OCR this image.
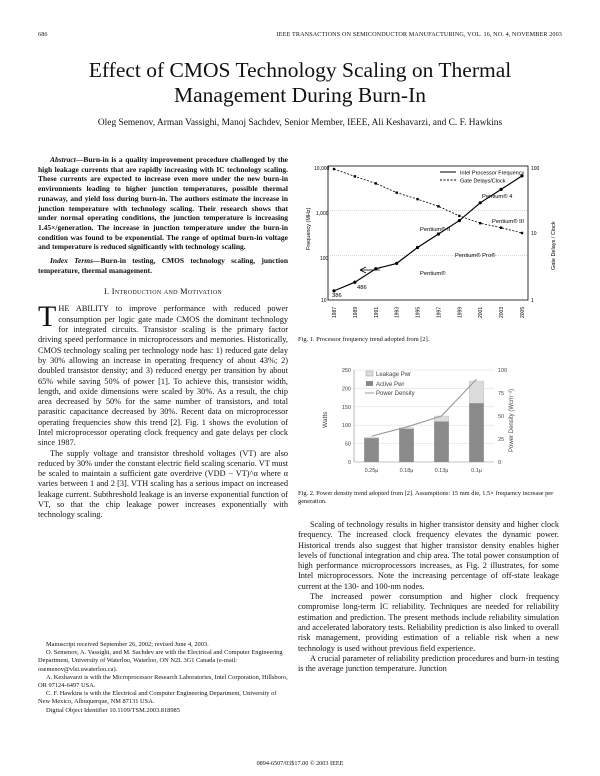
686	IEEE TRANSACTIONS ON SEMICONDUCTOR MANUFACTURING, VOL. 16, NO. 4, NOVEMBER 2003
Effect of CMOS Technology Scaling on Thermal
Management During Burn-In
Oleg Semenov, Arman Vassighi, Manoj Sachdev, Senior Member, IEEE, Ali Keshavarzi, and C. F. Hawkins
Abstract—Burn-in is a quality improvement procedure challenged by the high leakage currents that are rapidly increasing with IC technology scaling. These currents are expected to increase even more under the new burn-in environments leading to higher junction temperatures, possible thermal runaway, and yield loss during burn-in. The authors estimate the increase in junction temperature with technology scaling. Their research shows that under normal operating conditions, the junction temperature is increasing 1.45×/generation. The increase in junction temperature under the burn-in condition was found to be exponential. The range of optimal burn-in voltage and temperature is reduced significantly with technology scaling.
Index Terms—Burn-in testing, CMOS technology scaling, junction temperature, thermal management.
I. Introduction and Motivation

THE ABILITY to improve performance with reduced power consumption per logic gate made CMOS the dominant technology for integrated circuits. Transistor scaling is the primary factor driving speed performance in microprocessors and memories. Historically, CMOS technology scaling per technology node has: 1) reduced gate delay by 30% allowing an increase in operating frequency of about 43%; 2) doubled transistor density; and 3) reduced energy per transition by about 65% while saving 50% of power [1]. To achieve this, transistor width, length, and oxide dimensions were scaled by 30%. As a result, the chip area decreased by 50% for the same number of transistors, and total parasitic capacitance decreased by 30%. Recent data on microprocessor operating frequencies show this trend [2]. Fig. 1 shows the evolution of Intel microprocessor operating clock frequency and gate delays per clock since 1987.

The supply voltage and transistor threshold voltages (VT) are also reduced by 30% under the constant electric field scaling scenario. VT must be scaled to maintain a sufficient gate overdrive (VDD − VT)^α where α varies between 1 and 2 [3]. VTH scaling has a serious impact on increased leakage current. Subthreshold leakage is an inverse exponential function of VT, so that the chip leakage power increases exponentially with technology scaling.

Manuscript received September 26, 2002; revised June 4, 2003.

O. Semenov, A. Vassighi, and M. Sachdev are with the Electrical and Computer Engineering Department, University of Waterloo, Waterloo, ON N2L 3G1 Canada (e-mail: osemenov@vlsi.uwaterloo.ca).

A. Keshavarzi is with the Microprocessor Research Laboratories, Intel Corporation, Hillsboro, OR 97124-6497 USA.

C. F. Hawkins is with the Electrical and Computer Engineering Department, University of New Mexico, Albuquerque, NM 87131 USA.

Digital Object Identifier 10.1109/TSM.2003.818985

Intel Processor Frequency
Gate Delays/Clock
Frequency (MHz)	Gate Delays / Clock
10,000
1,000
100
10
100
10
1
1987	1989	1991	1993	1995	1997	1999	2001	2003	2005
Pentium® 4
Pentium® III
Pentium® II
Pentium® Pro®
Pentium®
486
386
Fig. 1. Processor frequency trend adopted from [2].
Leakage Pwr
Active Pwr
Power Density
Watts	Power Density (Wcm⁻²)
250
200
150
100
50
0
100
75
50
25
0
0.25μ	0.18μ	0.13μ	0.1μ
Fig. 2. Power density trend adopted from [2]. Assumptions: 15 mm die, 1.5× frequency increase per generation.

Scaling of technology results in higher transistor density and higher clock frequency. The increased clock frequency elevates the dynamic power. Historical trends also suggest that higher transistor density enables higher levels of functional integration and chip area. The total power consumption of high performance microprocessors increases, as Fig. 2 illustrates, for some Intel microprocessors. Note the increasing percentage of off-state leakage current at the 130- and 100-nm nodes.

The increased power consumption and higher clock frequency compromise long-term IC reliability. Techniques are needed for reliability estimation and prediction. The present methods include reliability simulation and accelerated laboratory tests. Reliability prediction is also linked to overall risk management, providing estimation of a reliable risk when a new technology is used without previous field experience.

A crucial parameter of reliability prediction procedures and burn-in testing is the average junction temperature. Junction

0894-6507/03$17.00 © 2003 IEEE
